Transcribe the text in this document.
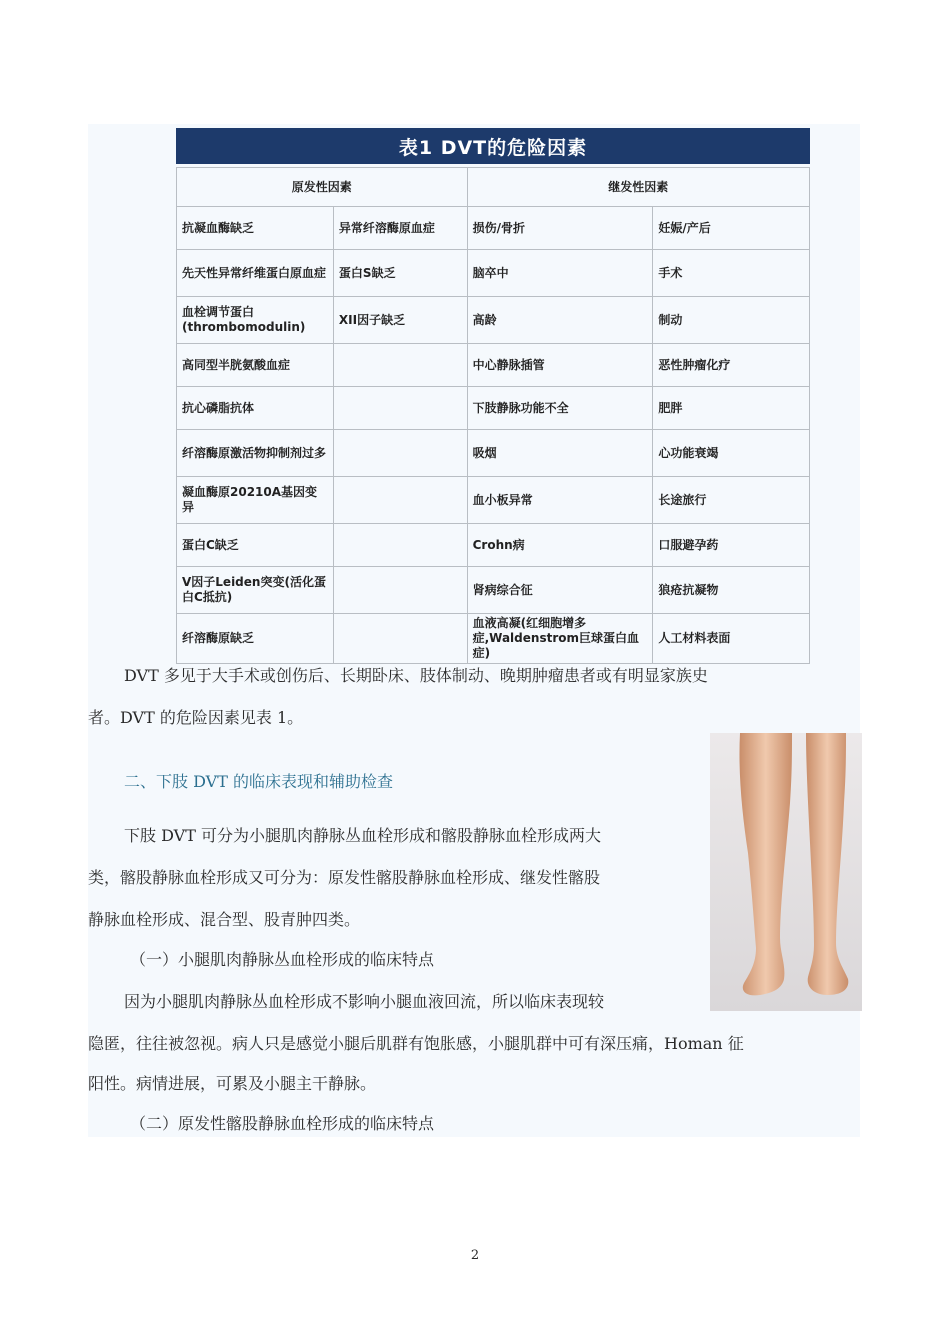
表1 DVT的危险因素
原发性因素		继发性因素	
抗凝血酶缺乏	异常纤溶酶原血症	损伤/骨折	妊娠/产后
先天性异常纤维蛋白原血症	蛋白S缺乏	脑卒中	手术
血栓调节蛋白(thrombomodulin)	XII因子缺乏	高龄	制动
高同型半胱氨酸血症		中心静脉插管	恶性肿瘤化疗
抗心磷脂抗体		下肢静脉功能不全	肥胖
纤溶酶原激活物抑制剂过多		吸烟	心功能衰竭
凝血酶原20210A基因变异		血小板异常	长途旅行
蛋白C缺乏		Crohn病	口服避孕药
V因子Leiden突变(活化蛋白C抵抗)		肾病综合征	狼疮抗凝物
纤溶酶原缺乏		血液高凝(红细胞增多症,Waldenstrom巨球蛋白血症)	人工材料表面
DVT 多见于大手术或创伤后、长期卧床、肢体制动、晚期肿瘤患者或有明显家族史
者。DVT 的危险因素见表 1。
二、下肢 DVT 的临床表现和辅助检查
下肢 DVT 可分为小腿肌肉静脉丛血栓形成和髂股静脉血栓形成两大
类，髂股静脉血栓形成又可分为：原发性髂股静脉血栓形成、继发性髂股
静脉血栓形成、混合型、股青肿四类。
（一）小腿肌肉静脉丛血栓形成的临床特点
因为小腿肌肉静脉丛血栓形成不影响小腿血液回流，所以临床表现较
隐匿，往往被忽视。病人只是感觉小腿后肌群有饱胀感，小腿肌群中可有深压痛，Homan 征
阳性。病情进展，可累及小腿主干静脉。
（二）原发性髂股静脉血栓形成的临床特点
2
